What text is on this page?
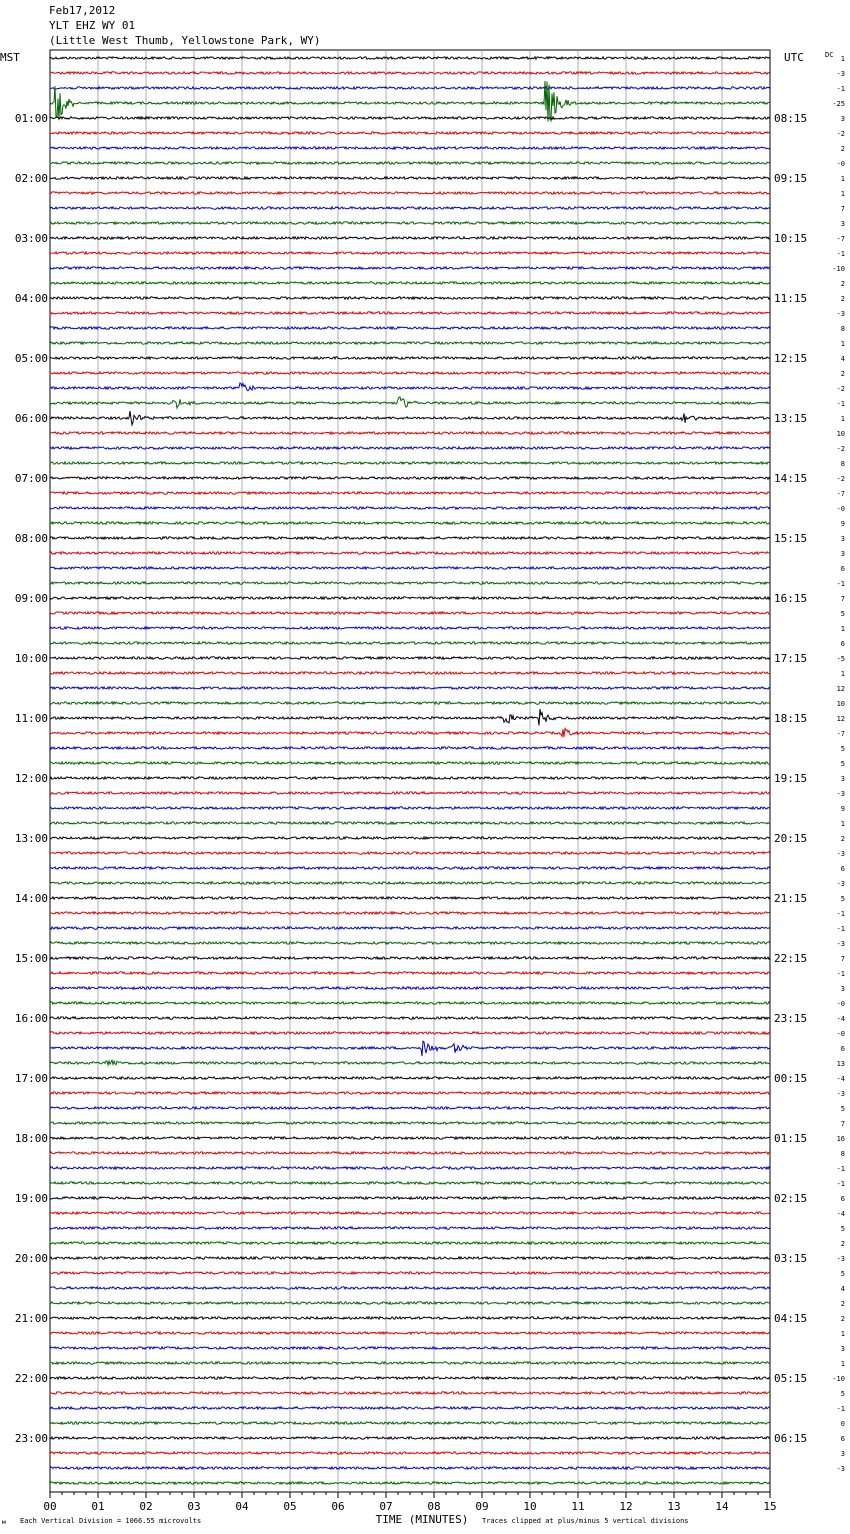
Feb17,2012
YLT EHZ WY 01
(Little West Thumb, Yellowstone Park, WY)
MST	UTC	DC
01:00
02:00
03:00
04:00
05:00
06:00
07:00
08:00
09:00
10:00
11:00
12:00
13:00
14:00
15:00
16:00
17:00
18:00
19:00
20:00
21:00
22:00
23:00
08:15
09:15
10:15
11:15
12:15
13:15
14:15
15:15
16:15
17:15
18:15
19:15
20:15
21:15
22:15
23:15
00:15
01:15
02:15
03:15
04:15
05:15
06:15
1
-3
-1
-25
3
-2
2
-0
1
1
7
3
-7
-1
-10
2
2
-3
8
1
4
2
-2
-1
1
10
-2
8
-2
-7
-0
9
3
3
6
-1
7
5
1
6
-5
1
12
10
12
-7
5
5
3
-3
9
1
2
-3
6
-3
5
-1
-1
-3
7
-1
3
-0
-4
-0
6
13
-4
-3
5
7
16
8
-1
-1
6
-4
5
2
-3
5
4
2
2
1
3
1
-10
5
-1
0
6
3
-3
00	01	02	03	04	05	06	07	08	09	10	11	12	13	14	15
TIME (MINUTES)
Each Vertical Division = 1066.55 microvolts	Traces clipped at plus/minus 5 vertical divisions
м
